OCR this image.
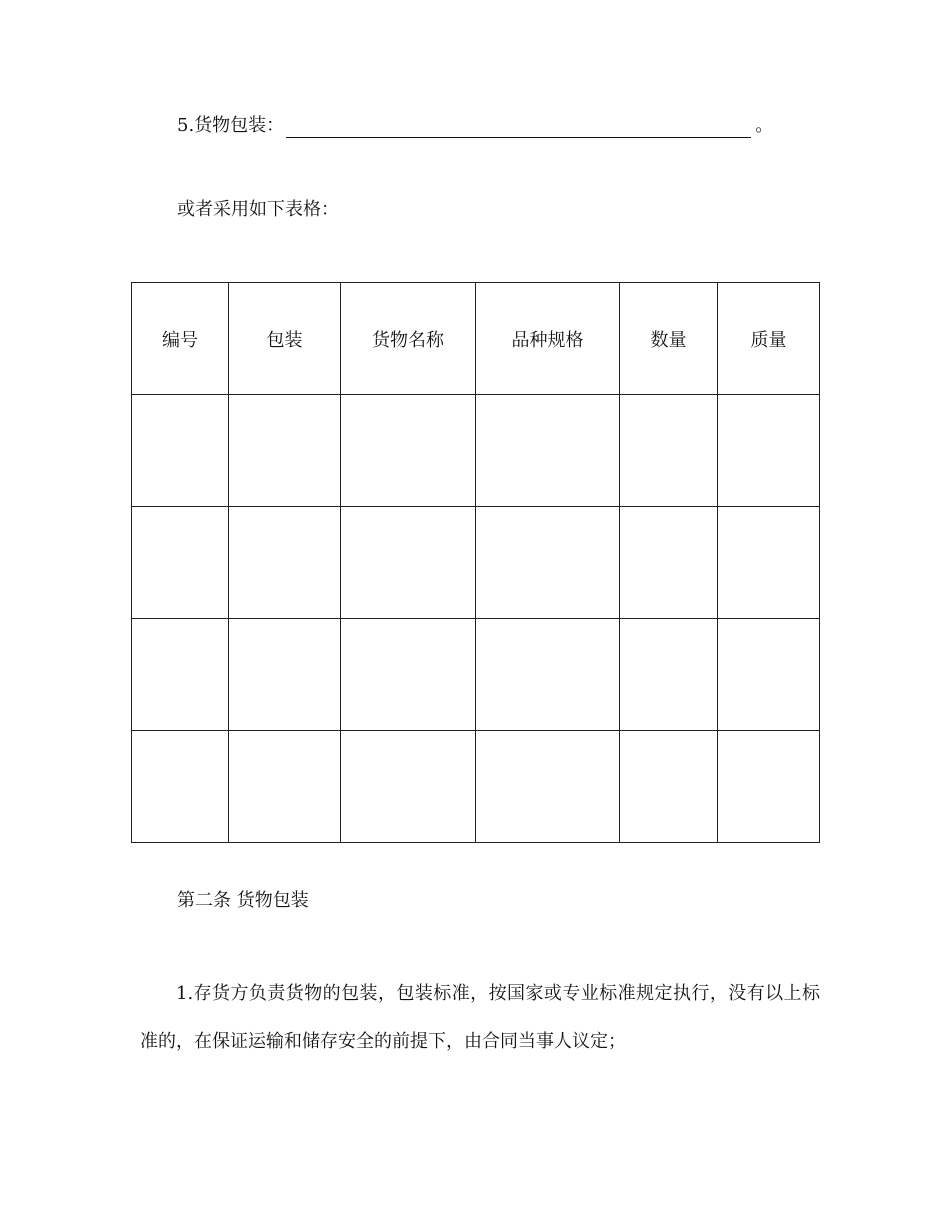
5.货物包装：	。
或者采用如下表格：
编号	包装	货物名称	品种规格	数量	质量

第二条 货物包装
1.存货方负责货物的包装，包装标准，按国家或专业标准规定执行，没有以上标准的，在保证运输和储存安全的前提下，由合同当事人议定；
